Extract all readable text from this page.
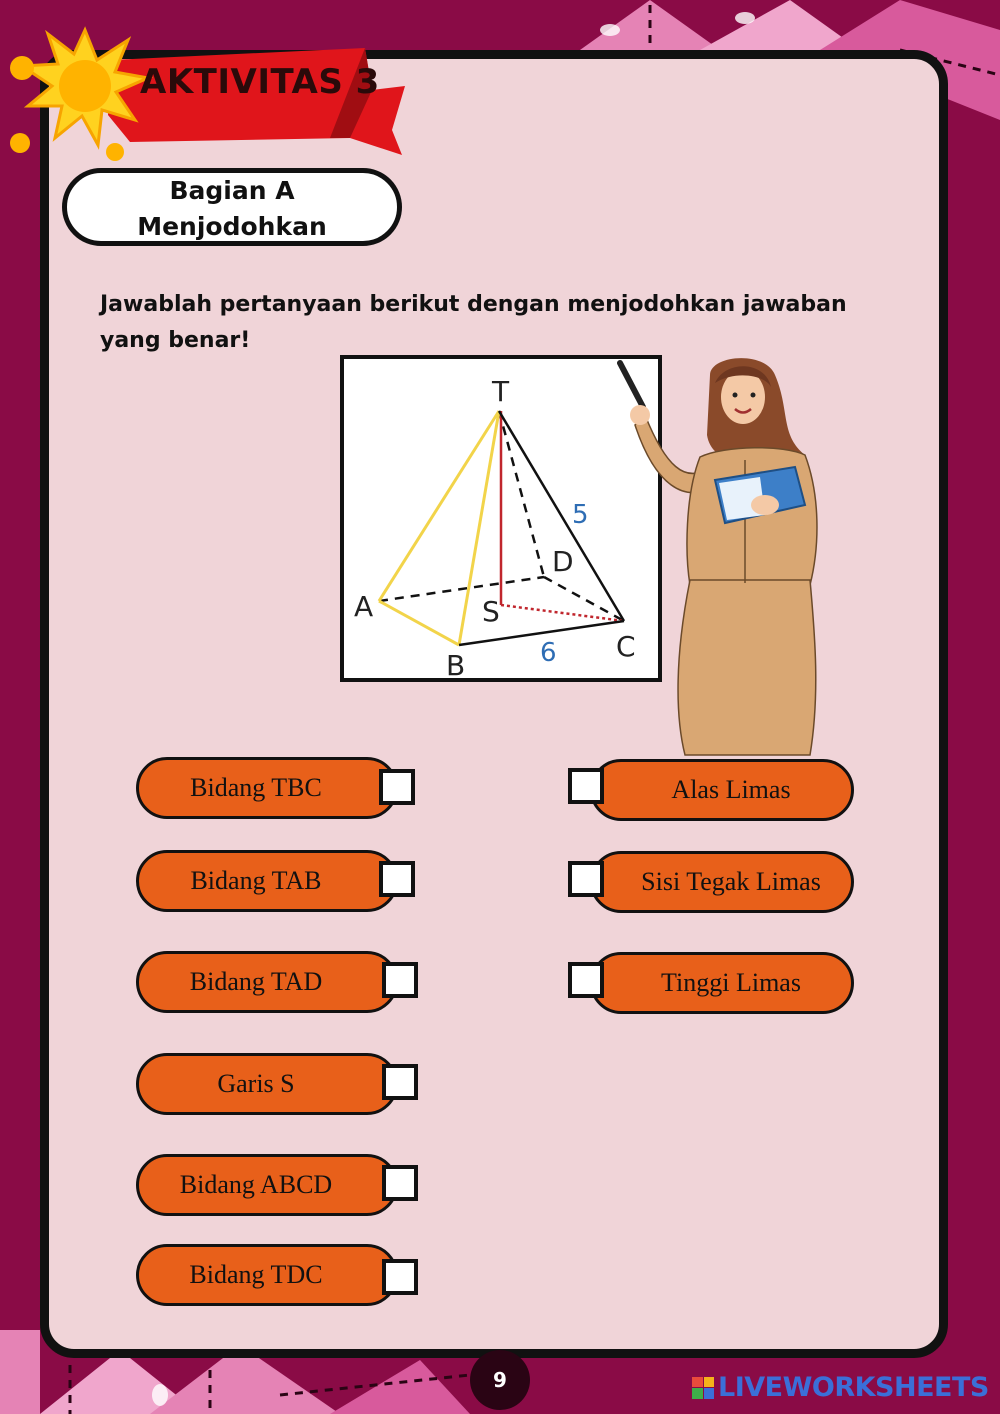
AKTIVITAS 3
Bagian A
Menjodohkan
Jawablah pertanyaan berikut dengan menjodohkan jawaban yang benar!
T
A
B
C
D
S
5
6
Bidang TBC
Bidang TAB
Bidang TAD
Garis S
Bidang ABCD
Bidang TDC
Alas Limas
Sisi Tegak Limas
Tinggi Limas
9	LIVEWORKSHEETS
